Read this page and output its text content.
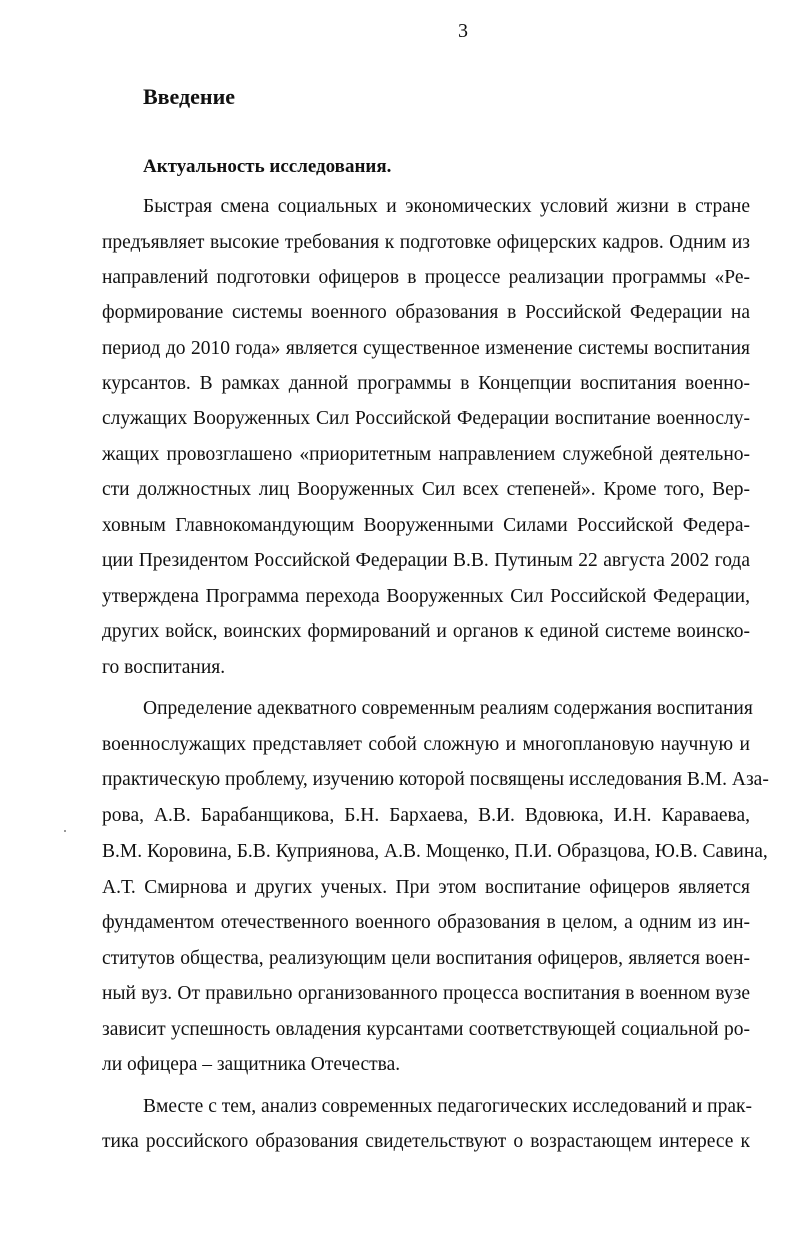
3
Введение
Актуальность исследования.
Быстрая смена социальных и экономических условий жизни в стране
предъявляет высокие требования к подготовке офицерских кадров. Одним из
направлений подготовки офицеров в процессе реализации программы «Ре-
формирование системы военного образования в Российской Федерации на
период до 2010 года» является существенное изменение системы воспитания
курсантов. В рамках данной программы в Концепции воспитания военно-
служащих Вооруженных Сил Российской Федерации воспитание военнослу-
жащих провозглашено «приоритетным направлением служебной деятельно-
сти должностных лиц Вооруженных Сил всех степеней». Кроме того, Вер-
ховным Главнокомандующим Вооруженными Силами Российской Федера-
ции Президентом Российской Федерации В.В. Путиным 22 августа 2002 года
утверждена Программа перехода Вооруженных Сил Российской Федерации,
других войск, воинских формирований и органов к единой системе воинско-
го воспитания.
Определение адекватного современным реалиям содержания воспитания
военнослужащих представляет собой сложную и многоплановую научную и
практическую проблему, изучению которой посвящены исследования В.М. Аза-
рова, А.В. Барабанщикова, Б.Н. Бархаева, В.И. Вдовюка, И.Н. Караваева,
В.М. Коровина, Б.В. Куприянова, А.В. Мощенко, П.И. Образцова, Ю.В. Савина,
А.Т. Смирнова и других ученых. При этом воспитание офицеров является
фундаментом отечественного военного образования в целом, а одним из ин-
ститутов общества, реализующим цели воспитания офицеров, является воен-
ный вуз. От правильно организованного процесса воспитания в военном вузе
зависит успешность овладения курсантами соответствующей социальной ро-
ли офицера – защитника Отечества.
Вместе с тем, анализ современных педагогических исследований и прак-
тика российского образования свидетельствуют о возрастающем интересе к
